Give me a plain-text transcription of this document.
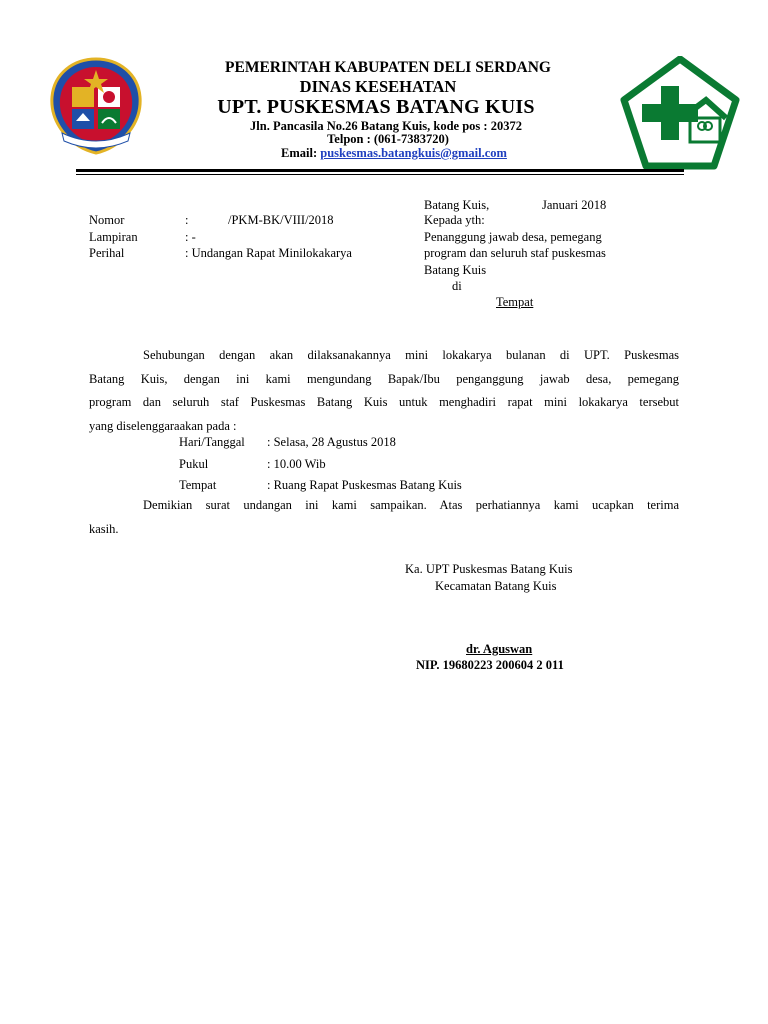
PEMERINTAH KABUPATEN DELI SERDANG
DINAS KESEHATAN
UPT. PUSKESMAS BATANG KUIS
Jln. Pancasila No.26 Batang Kuis, kode pos : 20372
Telpon : (061-7383720)
Email: puskesmas.batangkuis@gmail.com
Batang Kuis,	Januari 2018
Kepada yth:
Penanggung jawab desa, pemegang
program dan seluruh staf puskesmas
Batang Kuis
di
Tempat
Nomor	:	/PKM-BK/VIII/2018
Lampiran	: -
Perihal	: Undangan Rapat Minilokakarya
Sehubungan dengan akan dilaksanakannya mini lokakarya bulanan di UPT. Puskesmas
Batang Kuis, dengan ini kami mengundang Bapak/Ibu penganggung jawab desa, pemegang
program dan seluruh staf Puskesmas Batang Kuis untuk menghadiri rapat mini lokakarya tersebut
yang diselenggaraakan pada :
Hari/Tanggal : Selasa, 28 Agustus 2018
Pukul	: 10.00 Wib
Tempat	: Ruang Rapat Puskesmas Batang Kuis
Demikian surat undangan ini kami sampaikan. Atas perhatiannya kami ucapkan terima
kasih.
Ka. UPT Puskesmas Batang Kuis
Kecamatan Batang Kuis
dr. Aguswan
NIP. 19680223 200604 2 011
